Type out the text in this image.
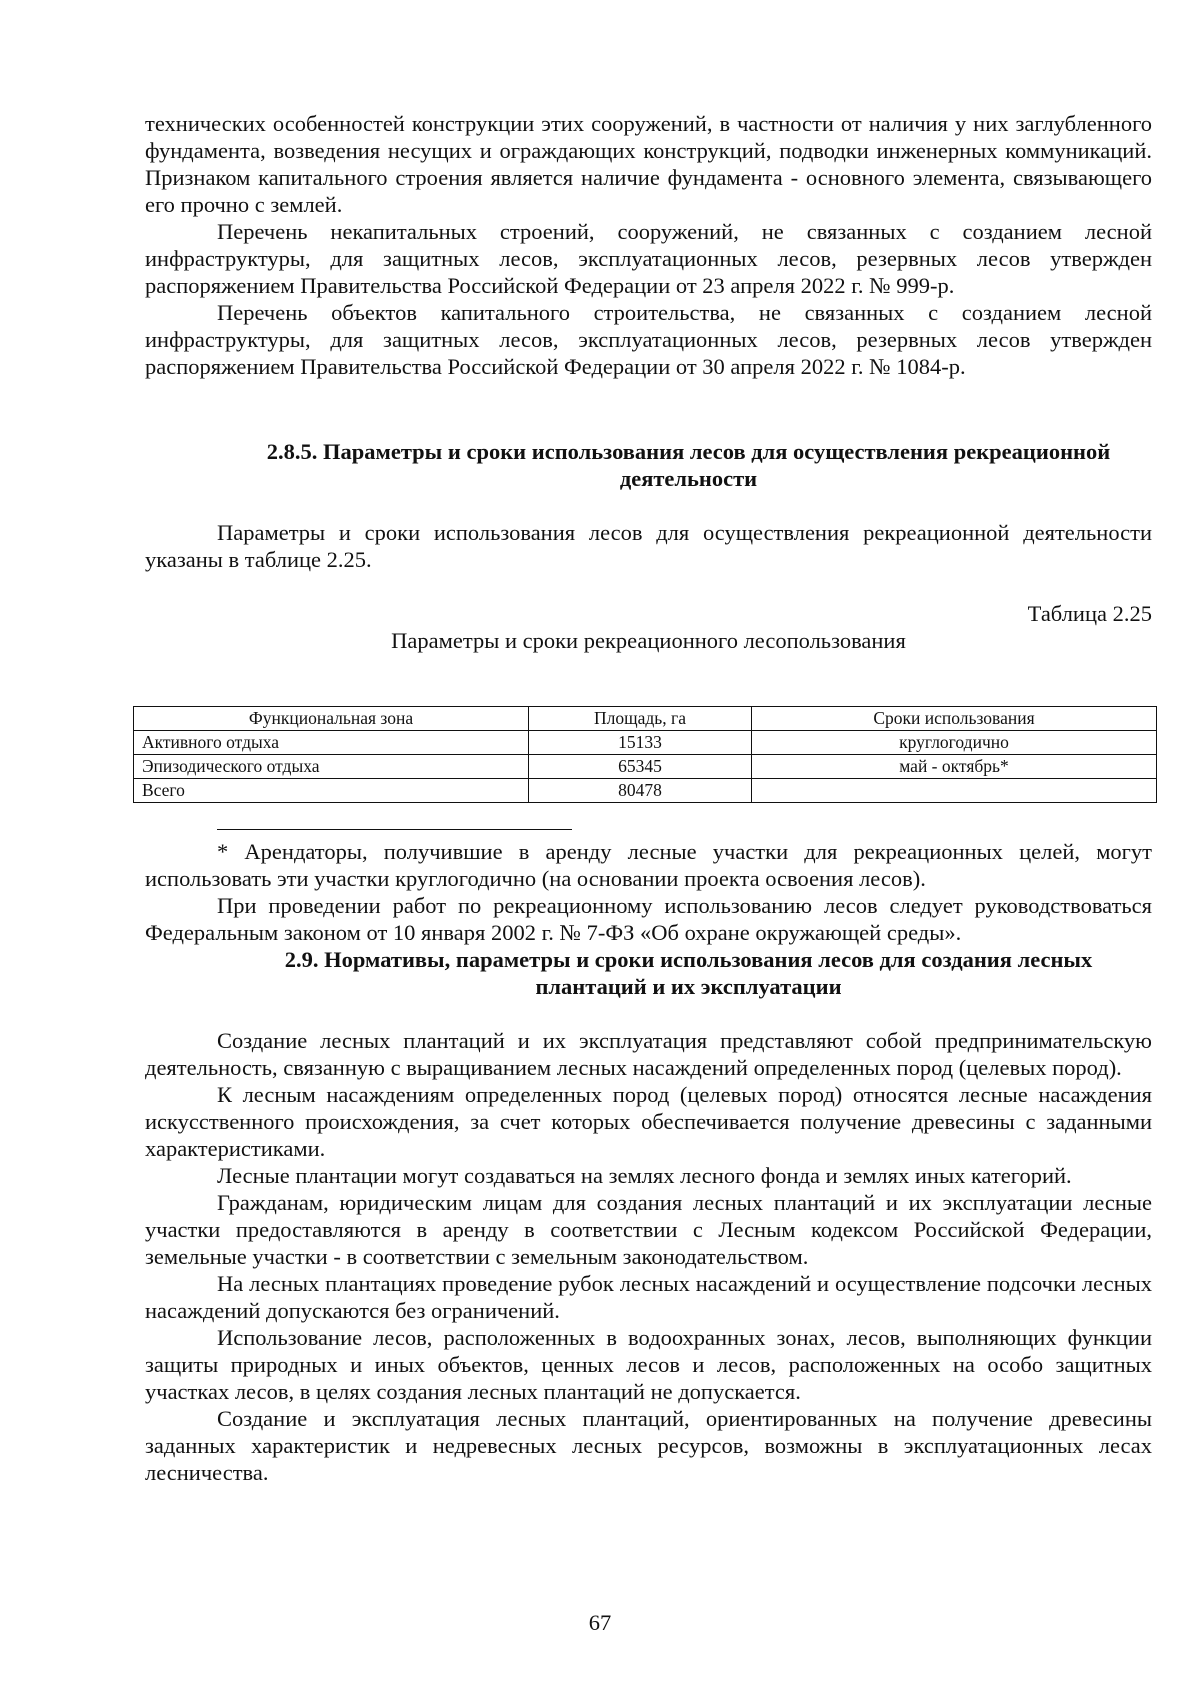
технических особенностей конструкции этих сооружений, в частности от наличия у них заглубленного фундамента, возведения несущих и ограждающих конструкций, подводки инженерных коммуникаций. Признаком капитального строения является наличие фундамента - основного элемента, связывающего его прочно с землей.

Перечень некапитальных строений, сооружений, не связанных с созданием лесной инфраструктуры, для защитных лесов, эксплуатационных лесов, резервных лесов утвержден распоряжением Правительства Российской Федерации от 23 апреля 2022 г. № 999-р.

Перечень объектов капитального строительства, не связанных с созданием лесной инфраструктуры, для защитных лесов, эксплуатационных лесов, резервных лесов утвержден распоряжением Правительства Российской Федерации от 30 апреля 2022 г. № 1084-р.

2.8.5. Параметры и сроки использования лесов для осуществления рекреационной
деятельности

Параметры и сроки использования лесов для осуществления рекреационной деятельности указаны в таблице 2.25.

Таблица 2.25

Параметры и сроки рекреационного лесопользования

Функциональная зона	Площадь, га	Сроки использования
Активного отдыха	15133	круглогодично
Эпизодического отдыха	65345	май - октябрь*
Всего	80478	

* Арендаторы, получившие в аренду лесные участки для рекреационных целей, могут использовать эти участки круглогодично (на основании проекта освоения лесов).

При проведении работ по рекреационному использованию лесов следует руководствоваться Федеральным законом от 10 января 2002 г. № 7-ФЗ «Об охране окружающей среды».

2.9. Нормативы, параметры и сроки использования лесов для создания лесных
плантаций и их эксплуатации

Создание лесных плантаций и их эксплуатация представляют собой предпринимательскую деятельность, связанную с выращиванием лесных насаждений определенных пород (целевых пород).

К лесным насаждениям определенных пород (целевых пород) относятся лесные насаждения искусственного происхождения, за счет которых обеспечивается получение древесины с заданными характеристиками.

Лесные плантации могут создаваться на землях лесного фонда и землях иных категорий.

Гражданам, юридическим лицам для создания лесных плантаций и их эксплуатации лесные участки предоставляются в аренду в соответствии с Лесным кодексом Российской Федерации, земельные участки - в соответствии с земельным законодательством.

На лесных плантациях проведение рубок лесных насаждений и осуществление подсочки лесных насаждений допускаются без ограничений.

Использование лесов, расположенных в водоохранных зонах, лесов, выполняющих функции защиты природных и иных объектов, ценных лесов и лесов, расположенных на особо защитных участках лесов, в целях создания лесных плантаций не допускается.

Создание и эксплуатация лесных плантаций, ориентированных на получение древесины заданных характеристик и недревесных лесных ресурсов, возможны в эксплуатационных лесах лесничества.

67
